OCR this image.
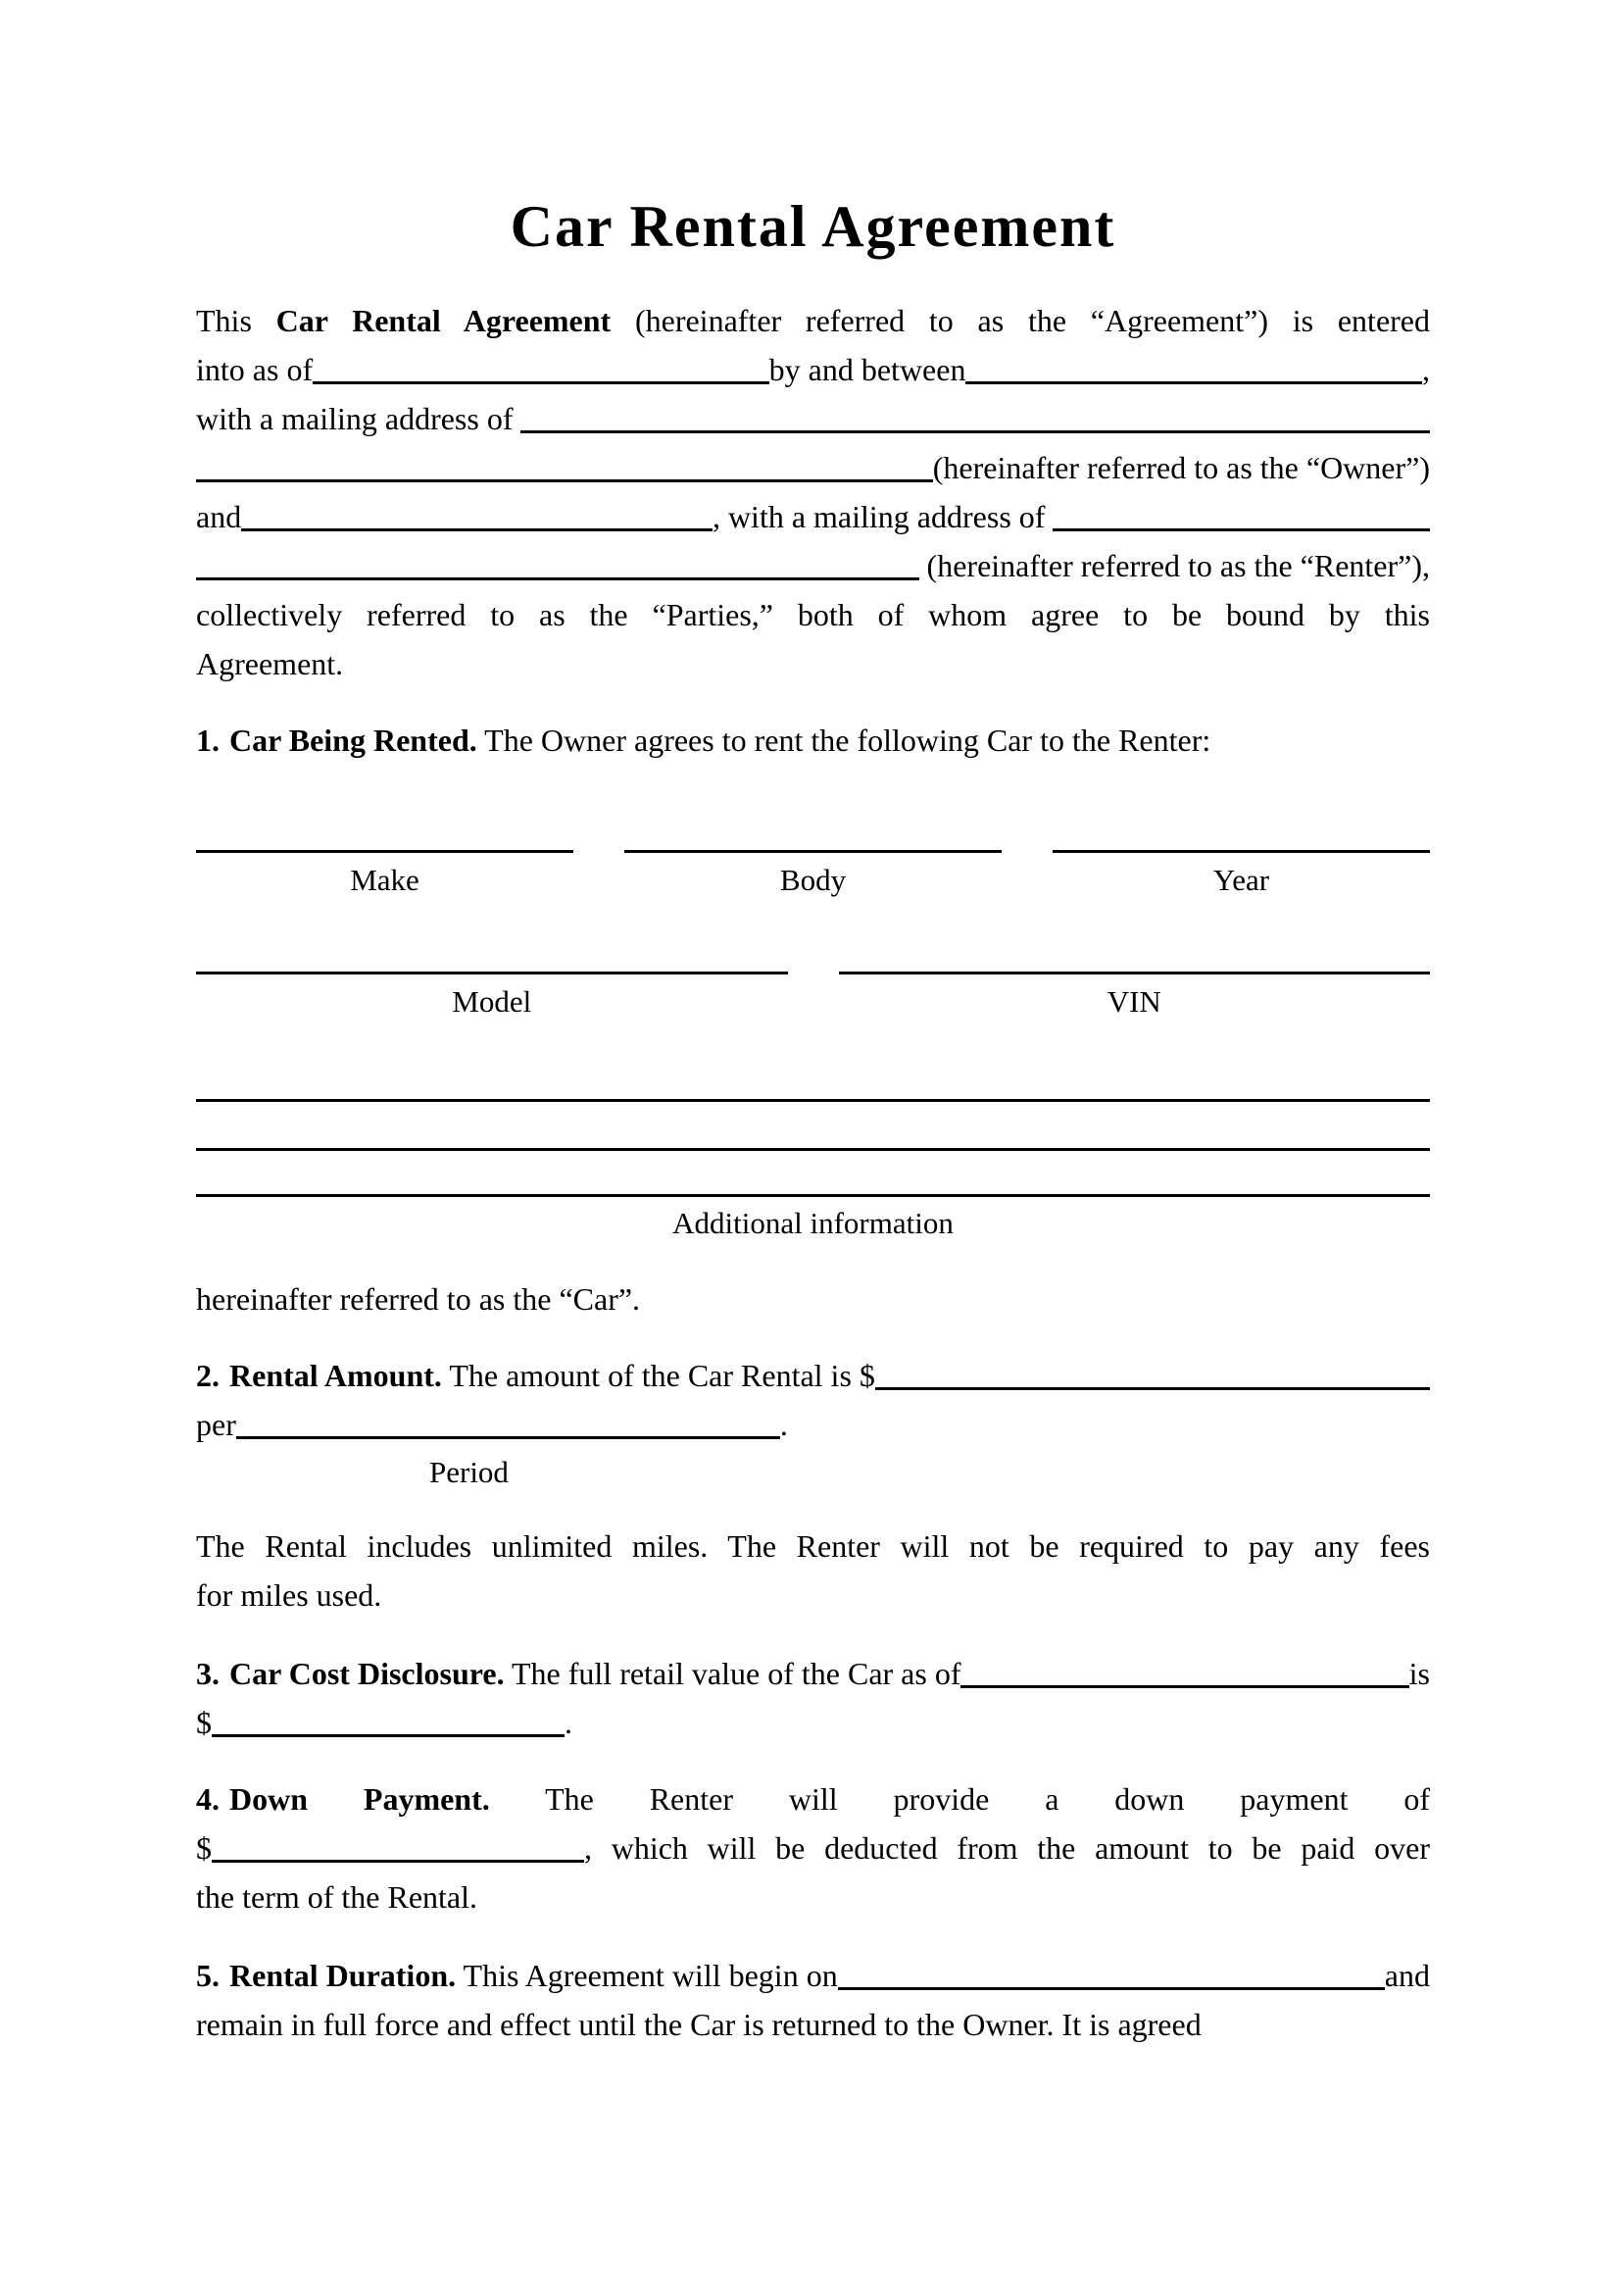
Car Rental Agreement
This Car Rental Agreement (hereinafter referred to as the “Agreement”) is entered
into as of	by and between	,
with a mailing address of
(hereinafter referred to as the “Owner”)
and	, with a mailing address of
(hereinafter referred to as the “Renter”),
collectively referred to as the “Parties,” both of whom agree to be bound by this
Agreement.
1. Car Being Rented. The Owner agrees to rent the following Car to the Renter:
Make	Body	Year
Model	VIN
Additional information
hereinafter referred to as the “Car”.
2. Rental Amount. The amount of the Car Rental is $
per	.
Period
The Rental includes unlimited miles. The Renter will not be required to pay any fees
for miles used.
3. Car Cost Disclosure. The full retail value of the Car as of	is
$	.
4. Down Payment. The Renter will provide a down payment of
$	, which will be deducted from the amount to be paid over
the term of the Rental.
5. Rental Duration. This Agreement will begin on	and
remain in full force and effect until the Car is returned to the Owner. It is agreed
